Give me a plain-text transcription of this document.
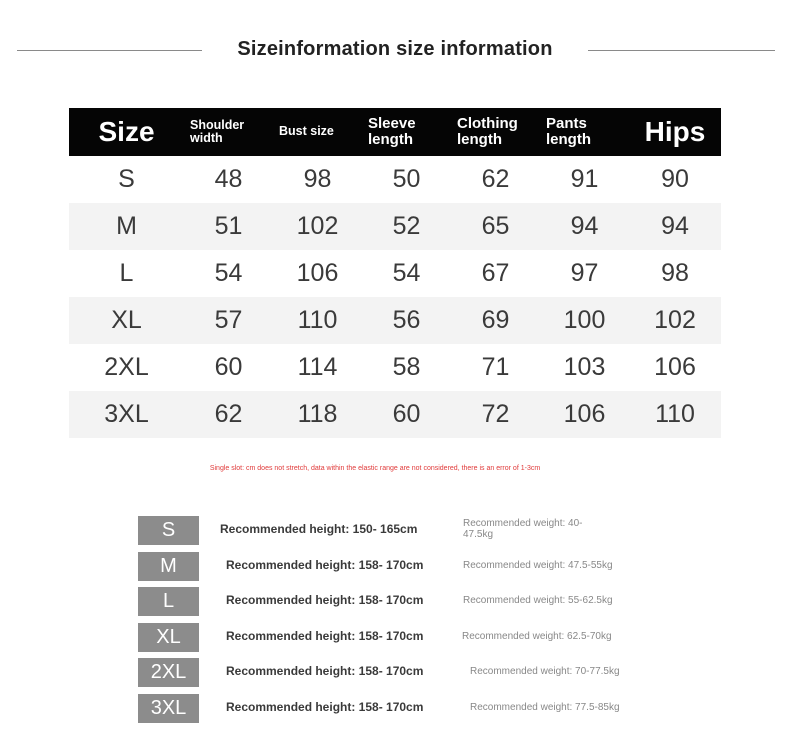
Sizeinformation size information
Size	Shoulder width	Bust size	Sleeve length	Clothing length	Pants length	Hips
S	48	98	50	62	91	90
M	51	102	52	65	94	94
L	54	106	54	67	97	98
XL	57	110	56	69	100	102
2XL	60	114	58	71	103	106
3XL	62	118	60	72	106	110
Single slot: cm does not stretch, data within the elastic range are not considered, there is an error of 1-3cm
S	Recommended height: 150- 165cm	Recommended weight: 40-47.5kg
M	Recommended height: 158- 170cm	Recommended weight: 47.5-55kg
L	Recommended height: 158- 170cm	Recommended weight: 55-62.5kg
XL	Recommended height: 158- 170cm	Recommended weight: 62.5-70kg
2XL	Recommended height: 158- 170cm	Recommended weight: 70-77.5kg
3XL	Recommended height: 158- 170cm	Recommended weight: 77.5-85kg
